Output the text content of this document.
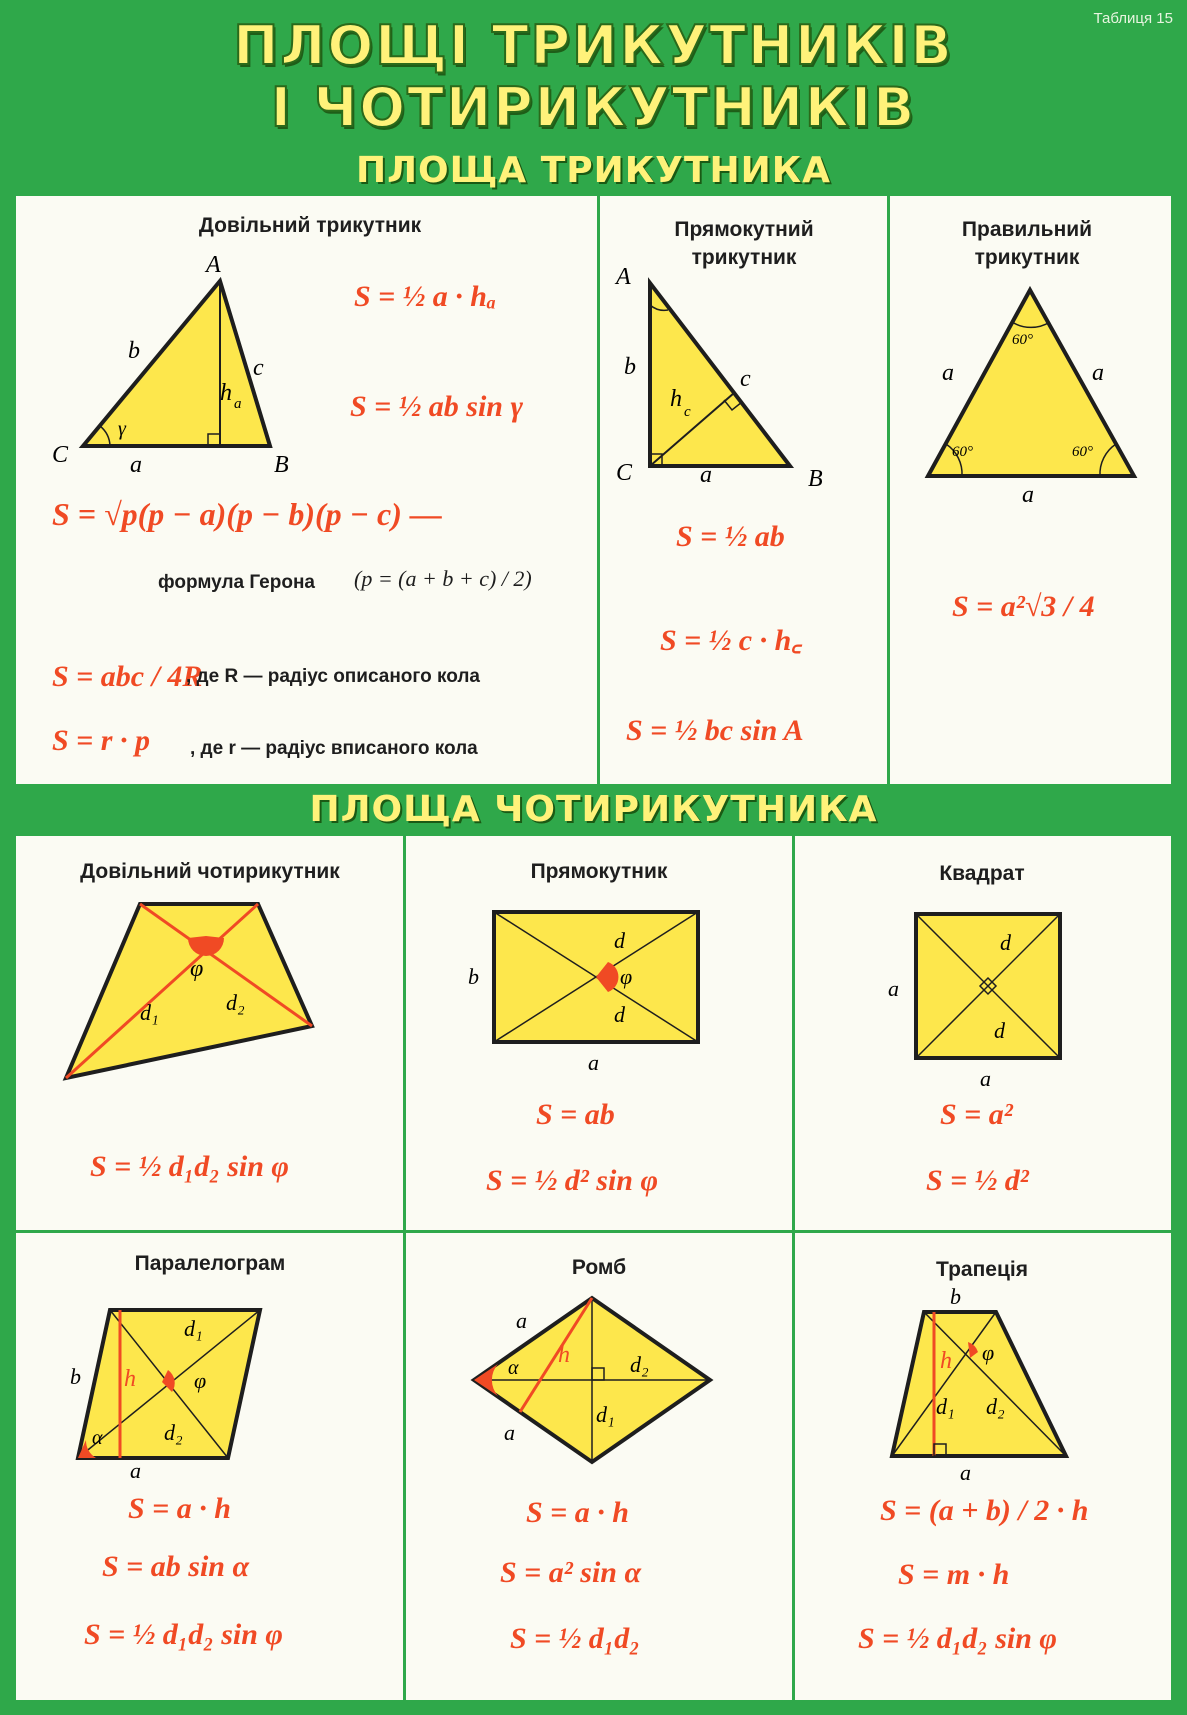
Таблиця 15
ПЛОЩІ ТРИКУТНИКІВ
І ЧОТИРИКУТНИКІВ
ПЛОЩА ТРИКУТНИКА
Довільний трикутник
A
C	B
a
b
c
h a
γ
S = ½ a · hₐ
S = ½ ab sin γ
S = √p(p − a)(p − b)(p − c) —
формула Герона (p = (a + b + c) / 2)
S = abc / 4R
, де R — радіус описаного кола
S = r · p , де r — радіус вписаного кола
Прямокутний
трикутник
A
C	B
a
b	c
h c
S = ½ ab
S = ½ c · h꜀
S = ½ bc sin A
Правильний
трикутник
60°
60°	60°
a	a
a
S = a²√3 / 4
ПЛОЩА ЧОТИРИКУТНИКА
Довільний чотирикутник
φ
d₁	d₂
S = ½ d₁d₂ sin φ
Прямокутник
φ
d
d
b
a
S = ab
S = ½ d² sin φ
Квадрат
d
d
a
a
S = a²
S = ½ d²
Паралелограм
h
d₁
d₂
φ
α
b
a
S = a · h
S = ab sin α
S = ½ d₁d₂ sin φ
Ромб
α h	d₂
d₁
a
a
S = a · h
S = a² sin α
S = ½ d₁d₂
Трапеція
h φ
d₁ d₂
b
a
S = (a + b) / 2 · h
S = m · h
S = ½ d₁d₂ sin φ
